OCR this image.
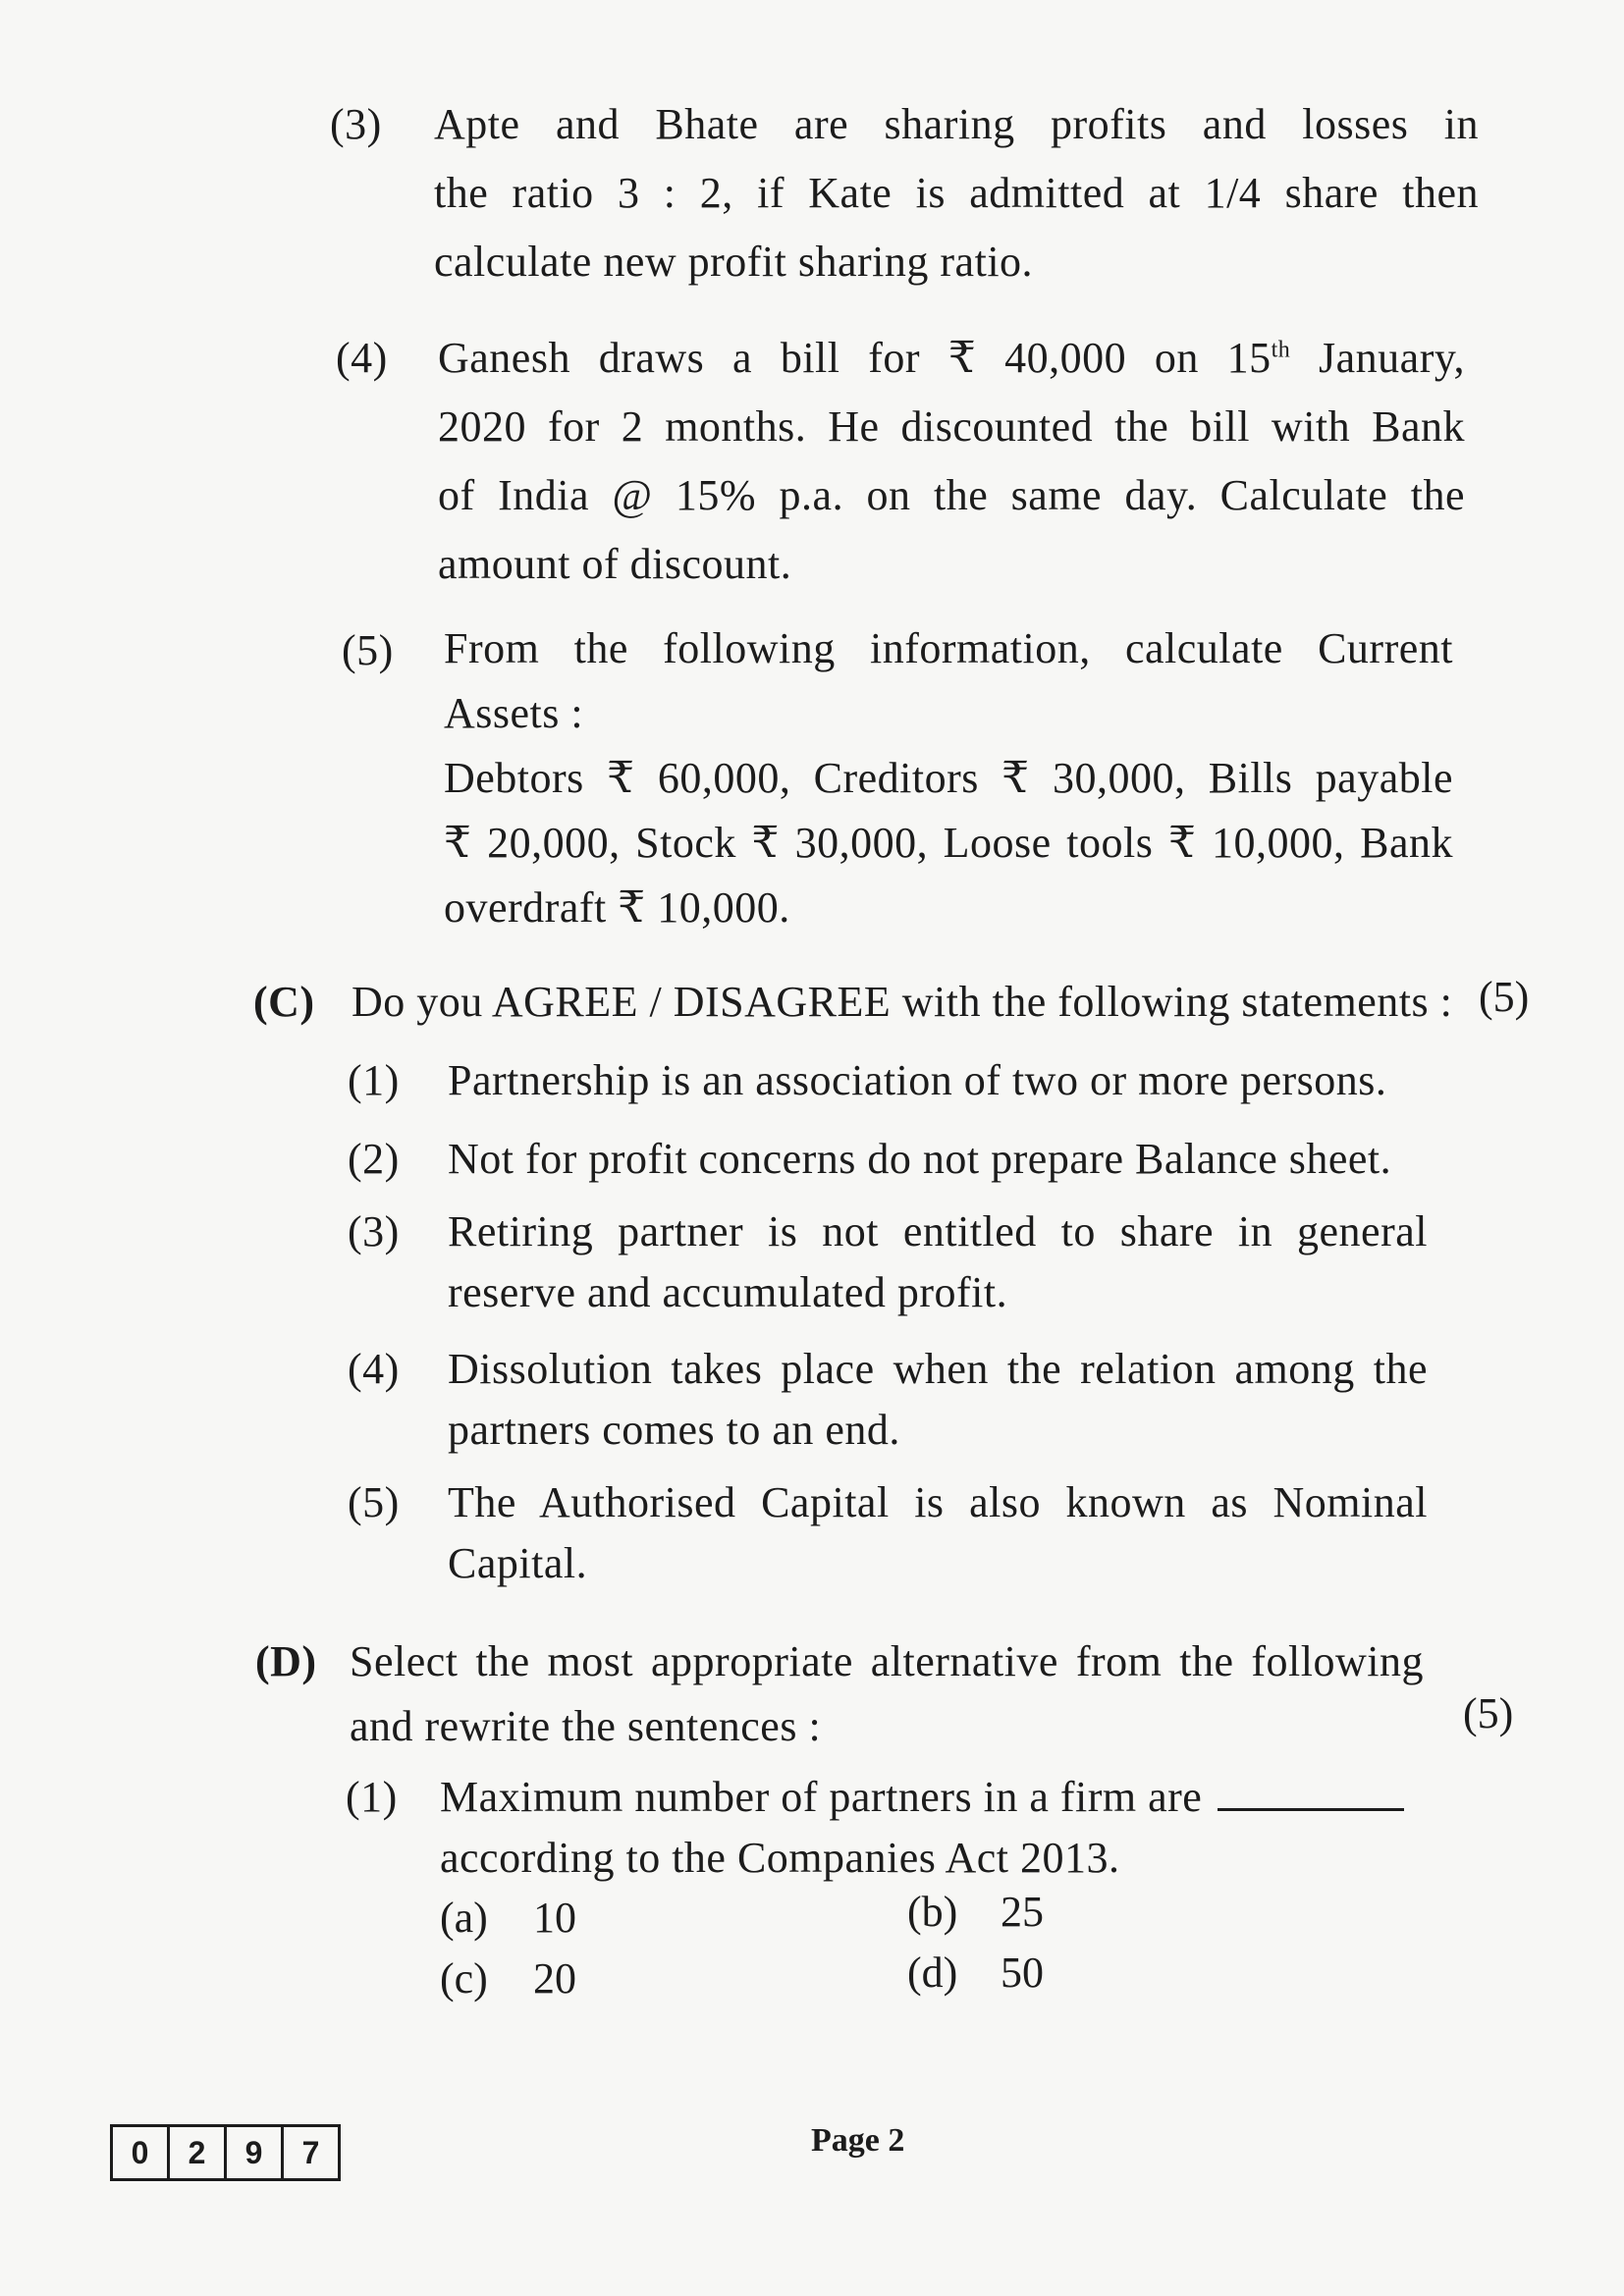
(3) Apte and Bhate are sharing profits and losses in
the ratio 3 : 2, if Kate is admitted at 1/4 share then
calculate new profit sharing ratio.
(4) Ganesh draws a bill for ₹ 40,000 on 15th January,
2020 for 2 months. He discounted the bill with Bank
of India @ 15% p.a. on the same day. Calculate the
amount of discount.
(5) From the following information, calculate Current
Assets :
Debtors ₹ 60,000, Creditors ₹ 30,000, Bills payable
₹ 20,000, Stock ₹ 30,000, Loose tools ₹ 10,000, Bank
overdraft ₹ 10,000.
(C) Do you AGREE / DISAGREE with the following statements : (5)
(1) Partnership is an association of two or more persons.
(2) Not for profit concerns do not prepare Balance sheet.
(3) Retiring partner is not entitled to share in general
reserve and accumulated profit.
(4) Dissolution takes place when the relation among the
partners comes to an end.
(5) The Authorised Capital is also known as Nominal
Capital.
(D) Select the most appropriate alternative from the following
and rewrite the sentences :	(5)
(1) Maximum number of partners in a firm are
according to the Companies Act 2013.
(a) 10	(b) 25
(c) 20	(d) 50
0	2	9	7	Page 2
